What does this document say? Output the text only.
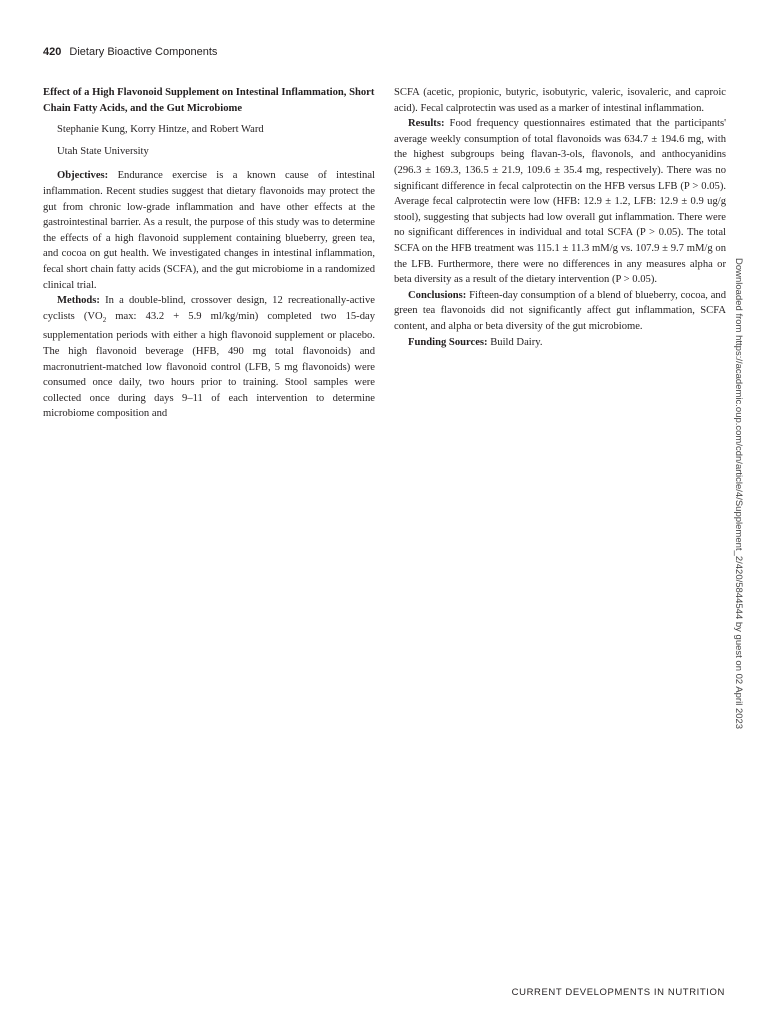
420 Dietary Bioactive Components
Effect of a High Flavonoid Supplement on Intestinal Inflammation, Short Chain Fatty Acids, and the Gut Microbiome
Stephanie Kung, Korry Hintze, and Robert Ward
Utah State University

Objectives: Endurance exercise is a known cause of intestinal inflammation. Recent studies suggest that dietary flavonoids may protect the gut from chronic low-grade inflammation and have other effects at the gastrointestinal barrier. As a result, the purpose of this study was to determine the effects of a high flavonoid supplement containing blueberry, green tea, and cocoa on gut health. We investigated changes in intestinal inflammation, fecal short chain fatty acids (SCFA), and the gut microbiome in a randomized clinical trial.

Methods: In a double-blind, crossover design, 12 recreationally-active cyclists ($VO_2$ max: 43.2 + 5.9 ml/kg/min) completed two 15-day supplementation periods with either a high flavonoid supplement or placebo. The high flavonoid beverage (HFB, 490 mg total flavonoids) and macronutrient-matched low flavonoid control (LFB, 5 mg flavonoids) were consumed once daily, two hours prior to training. Stool samples were collected once during days 9–11 of each intervention to determine microbiome composition and

SCFA (acetic, propionic, butyric, isobutyric, valeric, isovaleric, and caproic acid). Fecal calprotectin was used as a marker of intestinal inflammation.

Results: Food frequency questionnaires estimated that the participants' average weekly consumption of total flavonoids was 634.7 ± 194.6 mg, with the highest subgroups being flavan-3-ols, flavonols, and anthocyanidins (296.3 ± 169.3, 136.5 ± 21.9, 109.6 ± 35.4 mg, respectively). There was no significant difference in fecal calprotectin on the HFB versus LFB (P > 0.05). Average fecal calprotectin were low (HFB: 12.9 ± 1.2, LFB: 12.9 ± 0.9 ug/g stool), suggesting that subjects had low overall gut inflammation. There were no significant differences in individual and total SCFA (P > 0.05). The total SCFA on the HFB treatment was 115.1 ± 11.3 mM/g vs. 107.9 ± 9.7 mM/g on the LFB. Furthermore, there were no differences in any measures alpha or beta diversity as a result of the dietary intervention (P > 0.05).

Conclusions: Fifteen-day consumption of a blend of blueberry, cocoa, and green tea flavonoids did not significantly affect gut inflammation, SCFA content, and alpha or beta diversity of the gut microbiome.

Funding Sources: Build Dairy.	Downloaded from https://academic.oup.com/cdn/article/4/Supplement_2/420/5844544 by guest on 02 April 2023
CURRENT DEVELOPMENTS IN NUTRITION
